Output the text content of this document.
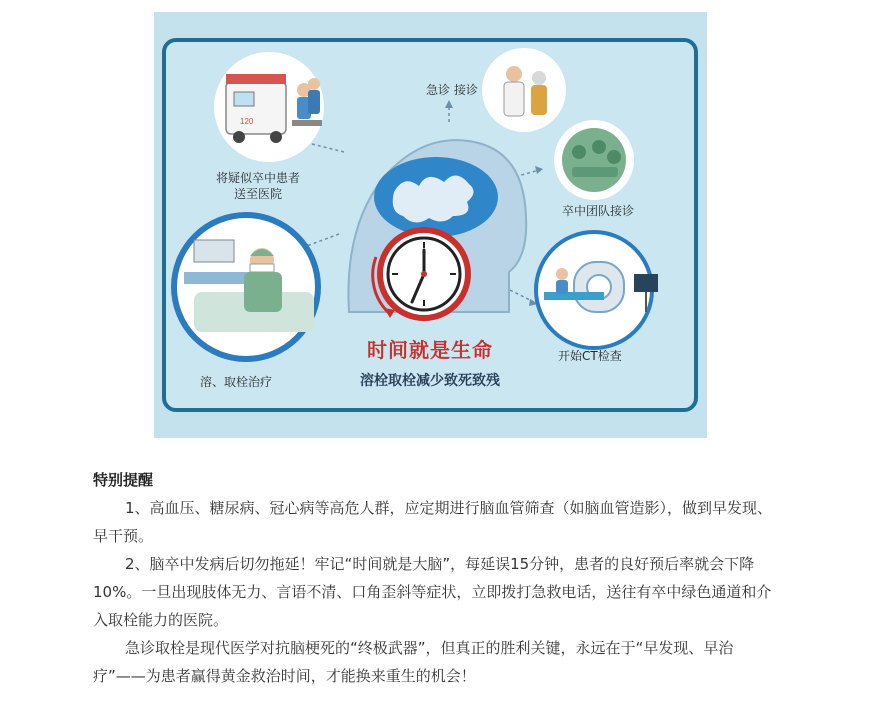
120
将疑似卒中患者
送至医院
急诊 接诊
卒中团队接诊
开始CT检查
溶、取栓治疗
时间就是生命
溶栓取栓减少致死致残

特别提醒

1、高血压、糖尿病、冠心病等高危人群，应定期进行脑血管筛查（如脑血管造影），做到早发现、早干预。

2、脑卒中发病后切勿拖延！牢记“时间就是大脑”，每延误15分钟，患者的良好预后率就会下降10%。一旦出现肢体无力、言语不清、口角歪斜等症状，立即拨打急救电话，送往有卒中绿色通道和介入取栓能力的医院。

急诊取栓是现代医学对抗脑梗死的“终极武器”，但真正的胜利关键，永远在于“早发现、早治疗”——为患者赢得黄金救治时间，才能换来重生的机会！
